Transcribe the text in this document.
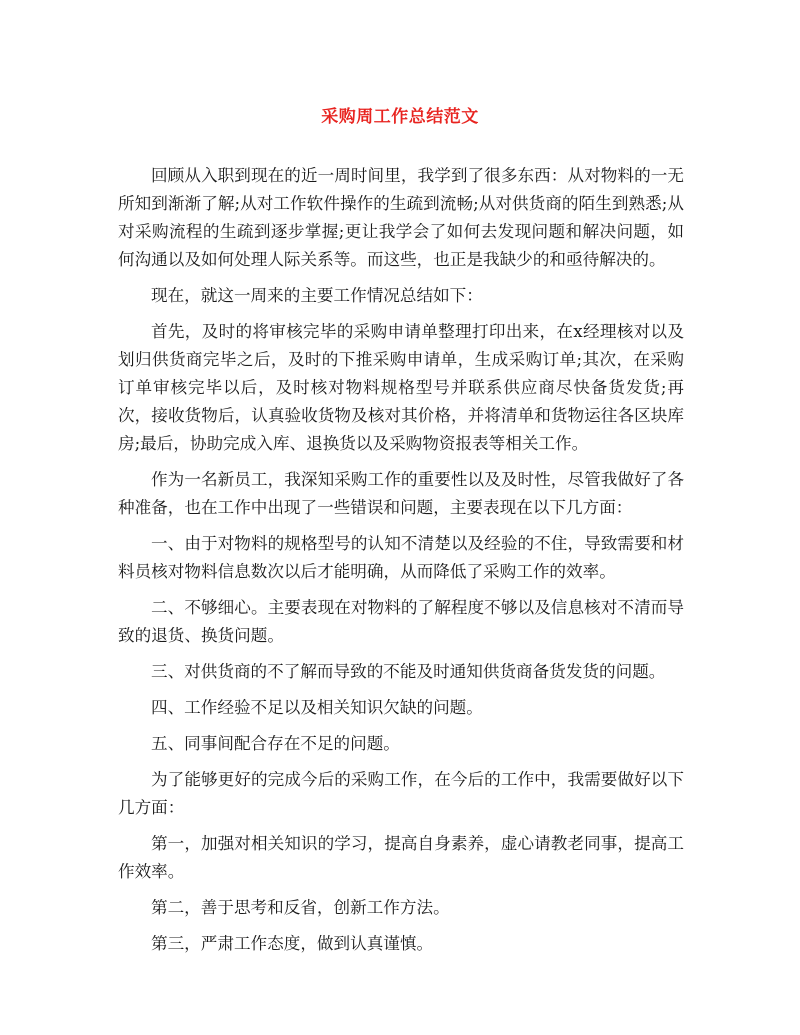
采购周工作总结范文

回顾从入职到现在的近一周时间里，我学到了很多东西：从对物料的一无所知到渐渐了解;从对工作软件操作的生疏到流畅;从对供货商的陌生到熟悉;从对采购流程的生疏到逐步掌握;更让我学会了如何去发现问题和解决问题，如何沟通以及如何处理人际关系等。而这些，也正是我缺少的和亟待解决的。

现在，就这一周来的主要工作情况总结如下：

首先，及时的将审核完毕的采购申请单整理打印出来，在x经理核对以及划归供货商完毕之后，及时的下推采购申请单，生成采购订单;其次，在采购订单审核完毕以后，及时核对物料规格型号并联系供应商尽快备货发货;再次，接收货物后，认真验收货物及核对其价格，并将清单和货物运往各区块库房;最后，协助完成入库、退换货以及采购物资报表等相关工作。

作为一名新员工，我深知采购工作的重要性以及及时性，尽管我做好了各种准备，也在工作中出现了一些错误和问题，主要表现在以下几方面：

一、由于对物料的规格型号的认知不清楚以及经验的不住，导致需要和材料员核对物料信息数次以后才能明确，从而降低了采购工作的效率。

二、不够细心。主要表现在对物料的了解程度不够以及信息核对不清而导致的退货、换货问题。

三、对供货商的不了解而导致的不能及时通知供货商备货发货的问题。

四、工作经验不足以及相关知识欠缺的问题。

五、同事间配合存在不足的问题。

为了能够更好的完成今后的采购工作，在今后的工作中，我需要做好以下几方面：

第一，加强对相关知识的学习，提高自身素养，虚心请教老同事，提高工作效率。

第二，善于思考和反省，创新工作方法。

第三，严肃工作态度，做到认真谨慎。
